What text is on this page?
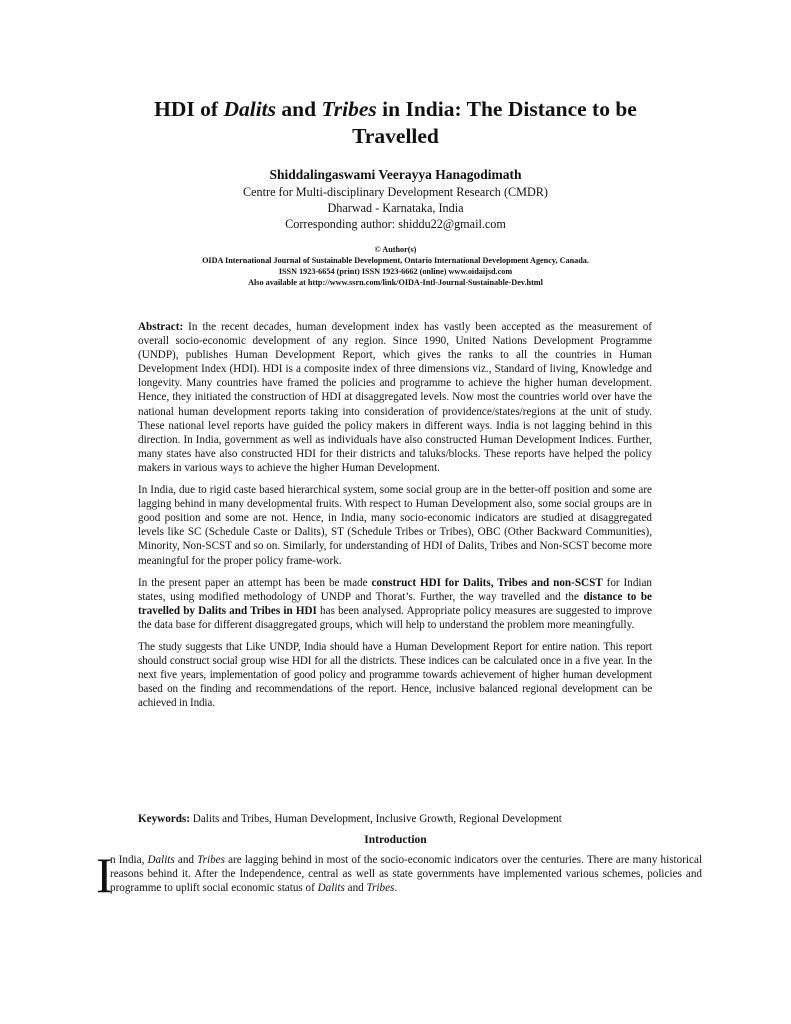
HDI of Dalits and Tribes in India: The Distance to be Travelled
Shiddalingaswami Veerayya Hanagodimath
Centre for Multi-disciplinary Development Research (CMDR)
Dharwad - Karnataka, India
Corresponding author: shiddu22@gmail.com
© Author(s)
OIDA International Journal of Sustainable Development, Ontario International Development Agency, Canada.
ISSN 1923-6654 (print) ISSN 1923-6662 (online) www.oidaijsd.com
Also available at http://www.ssrn.com/link/OIDA-Intl-Journal-Sustainable-Dev.html

Abstract: In the recent decades, human development index has vastly been accepted as the measurement of overall socio-economic development of any region. Since 1990, United Nations Development Programme (UNDP), publishes Human Development Report, which gives the ranks to all the countries in Human Development Index (HDI). HDI is a composite index of three dimensions viz., Standard of living, Knowledge and longevity. Many countries have framed the policies and programme to achieve the higher human development. Hence, they initiated the construction of HDI at disaggregated levels. Now most the countries world over have the national human development reports taking into consideration of providence/states/regions at the unit of study. These national level reports have guided the policy makers in different ways. India is not lagging behind in this direction. In India, government as well as individuals have also constructed Human Development Indices. Further, many states have also constructed HDI for their districts and taluks/blocks. These reports have helped the policy makers in various ways to achieve the higher Human Development.

In India, due to rigid caste based hierarchical system, some social group are in the better-off position and some are lagging behind in many developmental fruits. With respect to Human Development also, some social groups are in good position and some are not. Hence, in India, many socio-economic indicators are studied at disaggregated levels like SC (Schedule Caste or Dalits), ST (Schedule Tribes or Tribes), OBC (Other Backward Communities), Minority, Non-SCST and so on. Similarly, for understanding of HDI of Dalits, Tribes and Non-SCST become more meaningful for the proper policy frame-work.

In the present paper an attempt has been be made construct HDI for Dalits, Tribes and non-SCST for Indian states, using modified methodology of UNDP and Thorat’s. Further, the way travelled and the distance to be travelled by Dalits and Tribes in HDI has been analysed. Appropriate policy measures are suggested to improve the data base for different disaggregated groups, which will help to understand the problem more meaningfully.

The study suggests that Like UNDP, India should have a Human Development Report for entire nation. This report should construct social group wise HDI for all the districts. These indices can be calculated once in a five year. In the next five years, implementation of good policy and programme towards achievement of higher human development based on the finding and recommendations of the report. Hence, inclusive balanced regional development can be achieved in India.

Keywords: Dalits and Tribes, Human Development, Inclusive Growth, Regional Development
Introduction
I
n India, Dalits and Tribes are lagging behind in most of the socio-economic indicators over the centuries. There are many historical reasons behind it. After the Independence, central as well as state governments have implemented various schemes, policies and programme to uplift social economic status of Dalits and Tribes.
